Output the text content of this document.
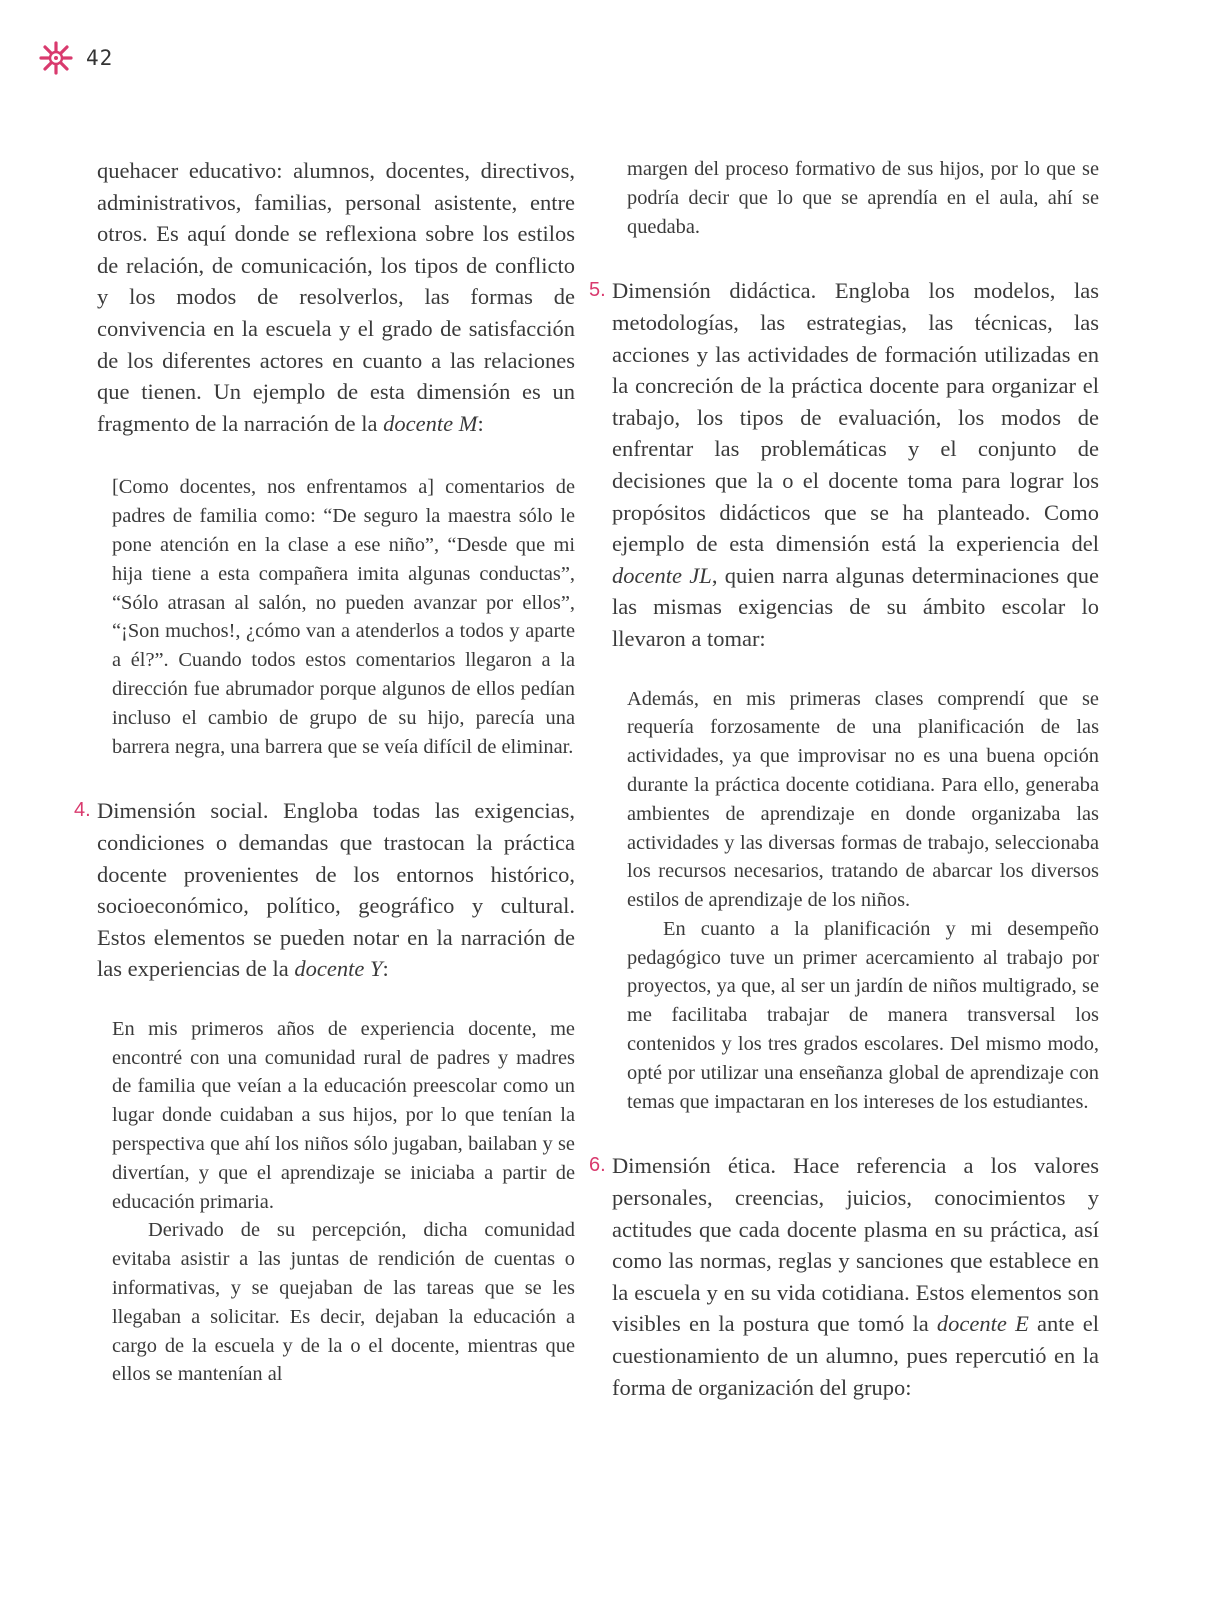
42

quehacer educativo: alumnos, docentes, directivos, administrativos, familias, personal asistente, entre otros. Es aquí donde se reflexiona sobre los estilos de relación, de comunicación, los tipos de conflicto y los modos de resolverlos, las formas de convivencia en la escuela y el grado de satisfacción de los diferentes actores en cuanto a las relaciones que tienen. Un ejemplo de esta dimensión es un fragmento de la narración de la docente M:

[Como docentes, nos enfrentamos a] comentarios de padres de familia como: “De seguro la maestra sólo le pone atención en la clase a ese niño”, “Desde que mi hija tiene a esta compañera imita algunas conductas”, “Sólo atrasan al salón, no pueden avanzar por ellos”, “¡Son muchos!, ¿cómo van a atenderlos a todos y aparte a él?”. Cuando todos estos comentarios llegaron a la dirección fue abrumador porque algunos de ellos pedían incluso el cambio de grupo de su hijo, parecía una barrera negra, una barrera que se veía difícil de eliminar.

4. Dimensión social. Engloba todas las exigencias, condiciones o demandas que trastocan la práctica docente provenientes de los entornos histórico, socioeconómico, político, geográfico y cultural. Estos elementos se pueden notar en la narración de las experiencias de la docente Y:

En mis primeros años de experiencia docente, me encontré con una comunidad rural de padres y madres de familia que veían a la educación preescolar como un lugar donde cuidaban a sus hijos, por lo que tenían la perspectiva que ahí los niños sólo jugaban, bailaban y se divertían, y que el aprendizaje se iniciaba a partir de educación primaria.

Derivado de su percepción, dicha comunidad evitaba asistir a las juntas de rendición de cuentas o informativas, y se quejaban de las tareas que se les llegaban a solicitar. Es decir, dejaban la educación a cargo de la escuela y de la o el docente, mientras que ellos se mantenían al

margen del proceso formativo de sus hijos, por lo que se podría decir que lo que se aprendía en el aula, ahí se quedaba.

5. Dimensión didáctica. Engloba los modelos, las metodologías, las estrategias, las técnicas, las acciones y las actividades de formación utilizadas en la concreción de la práctica docente para organizar el trabajo, los tipos de evaluación, los modos de enfrentar las problemáticas y el conjunto de decisiones que la o el docente toma para lograr los propósitos didácticos que se ha planteado. Como ejemplo de esta dimensión está la experiencia del docente JL, quien narra algunas determinaciones que las mismas exigencias de su ámbito escolar lo llevaron a tomar:

Además, en mis primeras clases comprendí que se requería forzosamente de una planificación de las actividades, ya que improvisar no es una buena opción durante la práctica docente cotidiana. Para ello, generaba ambientes de aprendizaje en donde organizaba las actividades y las diversas formas de trabajo, seleccionaba los recursos necesarios, tratando de abarcar los diversos estilos de aprendizaje de los niños.

En cuanto a la planificación y mi desempeño pedagógico tuve un primer acercamiento al trabajo por proyectos, ya que, al ser un jardín de niños multigrado, se me facilitaba trabajar de manera transversal los contenidos y los tres grados escolares. Del mismo modo, opté por utilizar una enseñanza global de aprendizaje con temas que impactaran en los intereses de los estudiantes.

6. Dimensión ética. Hace referencia a los valores personales, creencias, juicios, conocimientos y actitudes que cada docente plasma en su práctica, así como las normas, reglas y sanciones que establece en la escuela y en su vida cotidiana. Estos elementos son visibles en la postura que tomó la docente E ante el cuestionamiento de un alumno, pues repercutió en la forma de organización del grupo:
